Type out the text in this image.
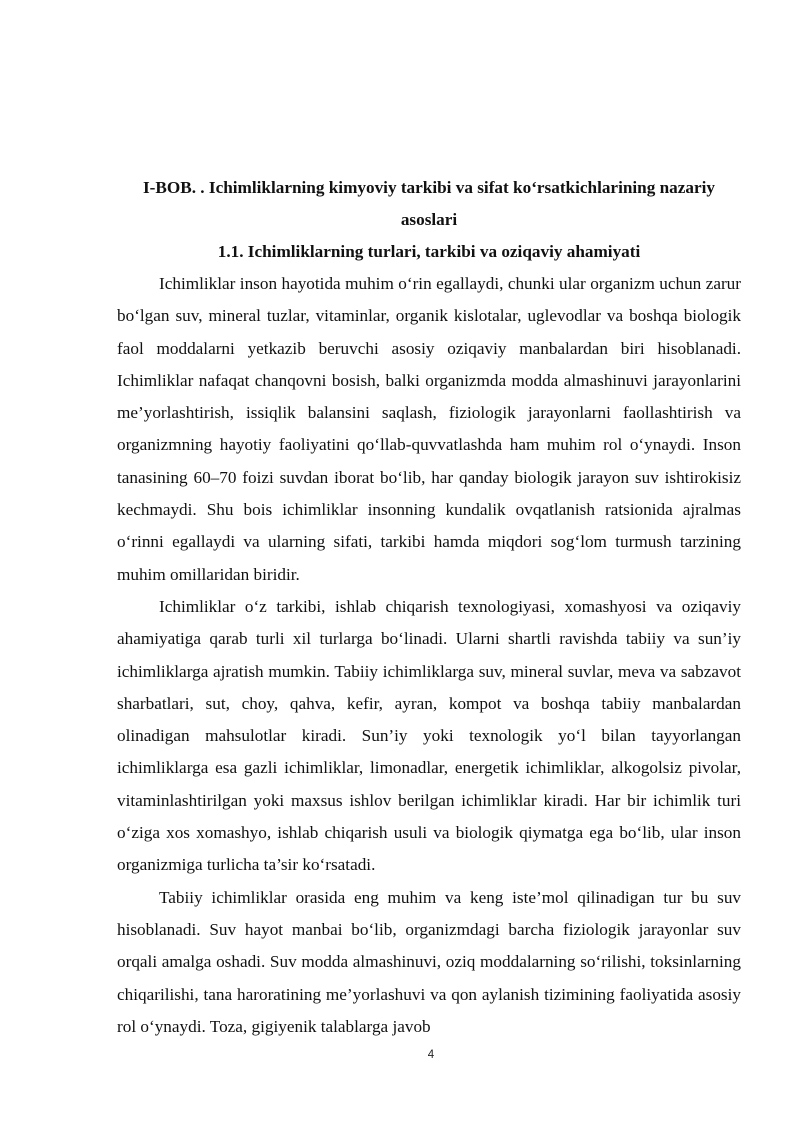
I-BOB. . Ichimliklarning kimyoviy tarkibi va sifat ko‘rsatkichlarining nazariy asoslari
1.1. Ichimliklarning turlari, tarkibi va oziqaviy ahamiyati

Ichimliklar inson hayotida muhim o‘rin egallaydi, chunki ular organizm uchun zarur bo‘lgan suv, mineral tuzlar, vitaminlar, organik kislotalar, uglevodlar va boshqa biologik faol moddalarni yetkazib beruvchi asosiy oziqaviy manbalardan biri hisoblanadi. Ichimliklar nafaqat chanqovni bosish, balki organizmda modda almashinuvi jarayonlarini me’yorlashtirish, issiqlik balansini saqlash, fiziologik jarayonlarni faollashtirish va organizmning hayotiy faoliyatini qo‘llab-quvvatlashda ham muhim rol o‘ynaydi. Inson tanasining 60–70 foizi suvdan iborat bo‘lib, har qanday biologik jarayon suv ishtirokisiz kechmaydi. Shu bois ichimliklar insonning kundalik ovqatlanish ratsionida ajralmas o‘rinni egallaydi va ularning sifati, tarkibi hamda miqdori sog‘lom turmush tarzining muhim omillaridan biridir.

Ichimliklar o‘z tarkibi, ishlab chiqarish texnologiyasi, xomashyosi va oziqaviy ahamiyatiga qarab turli xil turlarga bo‘linadi. Ularni shartli ravishda tabiiy va sun’iy ichimliklarga ajratish mumkin. Tabiiy ichimliklarga suv, mineral suvlar, meva va sabzavot sharbatlari, sut, choy, qahva, kefir, ayran, kompot va boshqa tabiiy manbalardan olinadigan mahsulotlar kiradi. Sun’iy yoki texnologik yo‘l bilan tayyorlangan ichimliklarga esa gazli ichimliklar, limonadlar, energetik ichimliklar, alkogolsiz pivolar, vitaminlashtirilgan yoki maxsus ishlov berilgan ichimliklar kiradi. Har bir ichimlik turi o‘ziga xos xomashyo, ishlab chiqarish usuli va biologik qiymatga ega bo‘lib, ular inson organizmiga turlicha ta’sir ko‘rsatadi.

Tabiiy ichimliklar orasida eng muhim va keng iste’mol qilinadigan tur bu suv hisoblanadi. Suv hayot manbai bo‘lib, organizmdagi barcha fiziologik jarayonlar suv orqali amalga oshadi. Suv modda almashinuvi, oziq moddalarning so‘rilishi, toksinlarning chiqarilishi, tana haroratining me’yorlashuvi va qon aylanish tizimining faoliyatida asosiy rol o‘ynaydi. Toza, gigiyenik talablarga javob

4
